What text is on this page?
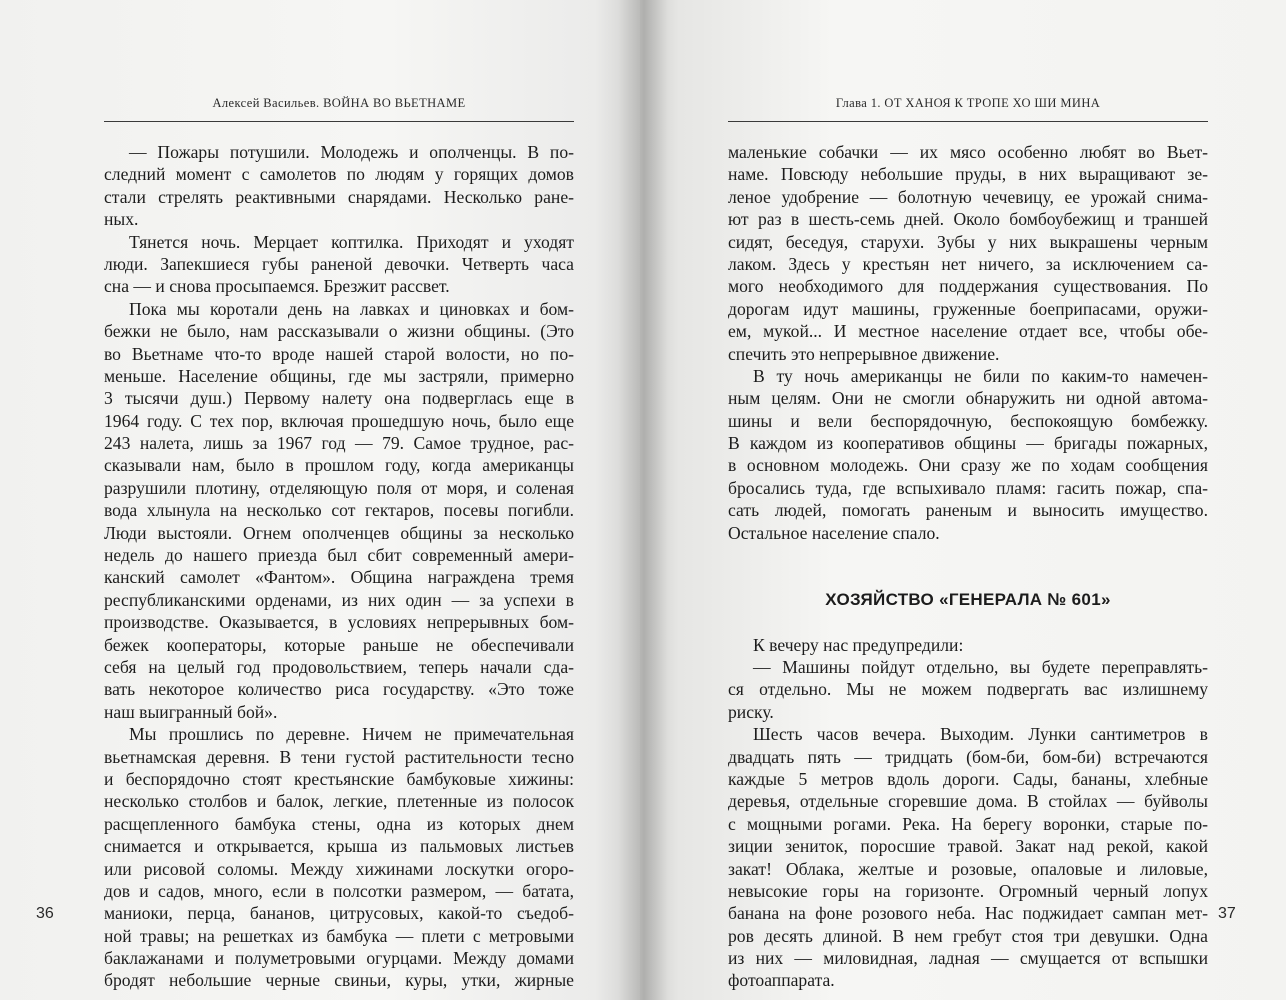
Алексей Васильев. ВОЙНА ВО ВЬЕТНАМЕ
— Пожары потушили. Молодежь и ополченцы. В по-
следний момент с самолетов по людям у горящих домов
стали стрелять реактивными снарядами. Несколько ране-
ных.
Тянется ночь. Мерцает коптилка. Приходят и уходят
люди. Запекшиеся губы раненой девочки. Четверть часа
сна — и снова просыпаемся. Брезжит рассвет.
Пока мы коротали день на лавках и циновках и бом-
бежки не было, нам рассказывали о жизни общины. (Это
во Вьетнаме что-то вроде нашей старой волости, но по-
меньше. Население общины, где мы застряли, примерно
3 тысячи душ.) Первому налету она подверглась еще в
1964 году. С тех пор, включая прошедшую ночь, было еще
243 налета, лишь за 1967 год — 79. Самое трудное, рас-
сказывали нам, было в прошлом году, когда американцы
разрушили плотину, отделяющую поля от моря, и соленая
вода хлынула на несколько сот гектаров, посевы погибли.
Люди выстояли. Огнем ополченцев общины за несколько
недель до нашего приезда был сбит современный амери-
канский самолет «Фантом». Община награждена тремя
республиканскими орденами, из них один — за успехи в
производстве. Оказывается, в условиях непрерывных бом-
бежек кооператоры, которые раньше не обеспечивали
себя на целый год продовольствием, теперь начали сда-
вать некоторое количество риса государству. «Это тоже
наш выигранный бой».
Мы прошлись по деревне. Ничем не примечательная
вьетнамская деревня. В тени густой растительности тесно
и беспорядочно стоят крестьянские бамбуковые хижины:
несколько столбов и балок, легкие, плетенные из полосок
расщепленного бамбука стены, одна из которых днем
снимается и открывается, крыша из пальмовых листьев
или рисовой соломы. Между хижинами лоскутки огоро-
дов и садов, много, если в полсотки размером, — батата,
маниоки, перца, бананов, цитрусовых, какой-то съедоб-
ной травы; на решетках из бамбука — плети с метровыми
баклажанами и полуметровыми огурцами. Между домами
бродят небольшие черные свиньи, куры, утки, жирные
36
Глава 1. ОТ ХАНОЯ К ТРОПЕ ХО ШИ МИНА
маленькие собачки — их мясо особенно любят во Вьет-
наме. Повсюду небольшие пруды, в них выращивают зе-
леное удобрение — болотную чечевицу, ее урожай снима-
ют раз в шесть-семь дней. Около бомбоубежищ и траншей
сидят, беседуя, старухи. Зубы у них выкрашены черным
лаком. Здесь у крестьян нет ничего, за исключением са-
мого необходимого для поддержания существования. По
дорогам идут машины, груженные боеприпасами, оружи-
ем, мукой... И местное население отдает все, чтобы обе-
спечить это непрерывное движение.
В ту ночь американцы не били по каким-то намечен-
ным целям. Они не смогли обнаружить ни одной автома-
шины и вели беспорядочную, беспокоящую бомбежку.
В каждом из кооперативов общины — бригады пожарных,
в основном молодежь. Они сразу же по ходам сообщения
бросались туда, где вспыхивало пламя: гасить пожар, спа-
сать людей, помогать раненым и выносить имущество.
Остальное население спало.
ХОЗЯЙСТВО «ГЕНЕРАЛА № 601»
К вечеру нас предупредили:
— Машины пойдут отдельно, вы будете переправлять-
ся отдельно. Мы не можем подвергать вас излишнему
риску.
Шесть часов вечера. Выходим. Лунки сантиметров в
двадцать пять — тридцать (бом-би, бом-би) встречаются
каждые 5 метров вдоль дороги. Сады, бананы, хлебные
деревья, отдельные сгоревшие дома. В стойлах — буйволы
с мощными рогами. Река. На берегу воронки, старые по-
зиции зениток, поросшие травой. Закат над рекой, какой
закат! Облака, желтые и розовые, опаловые и лиловые,
невысокие горы на горизонте. Огромный черный лопух
банана на фоне розового неба. Нас поджидает сампан мет-
ров десять длиной. В нем гребут стоя три девушки. Одна
из них — миловидная, ладная — смущается от вспышки
фотоаппарата.
37
